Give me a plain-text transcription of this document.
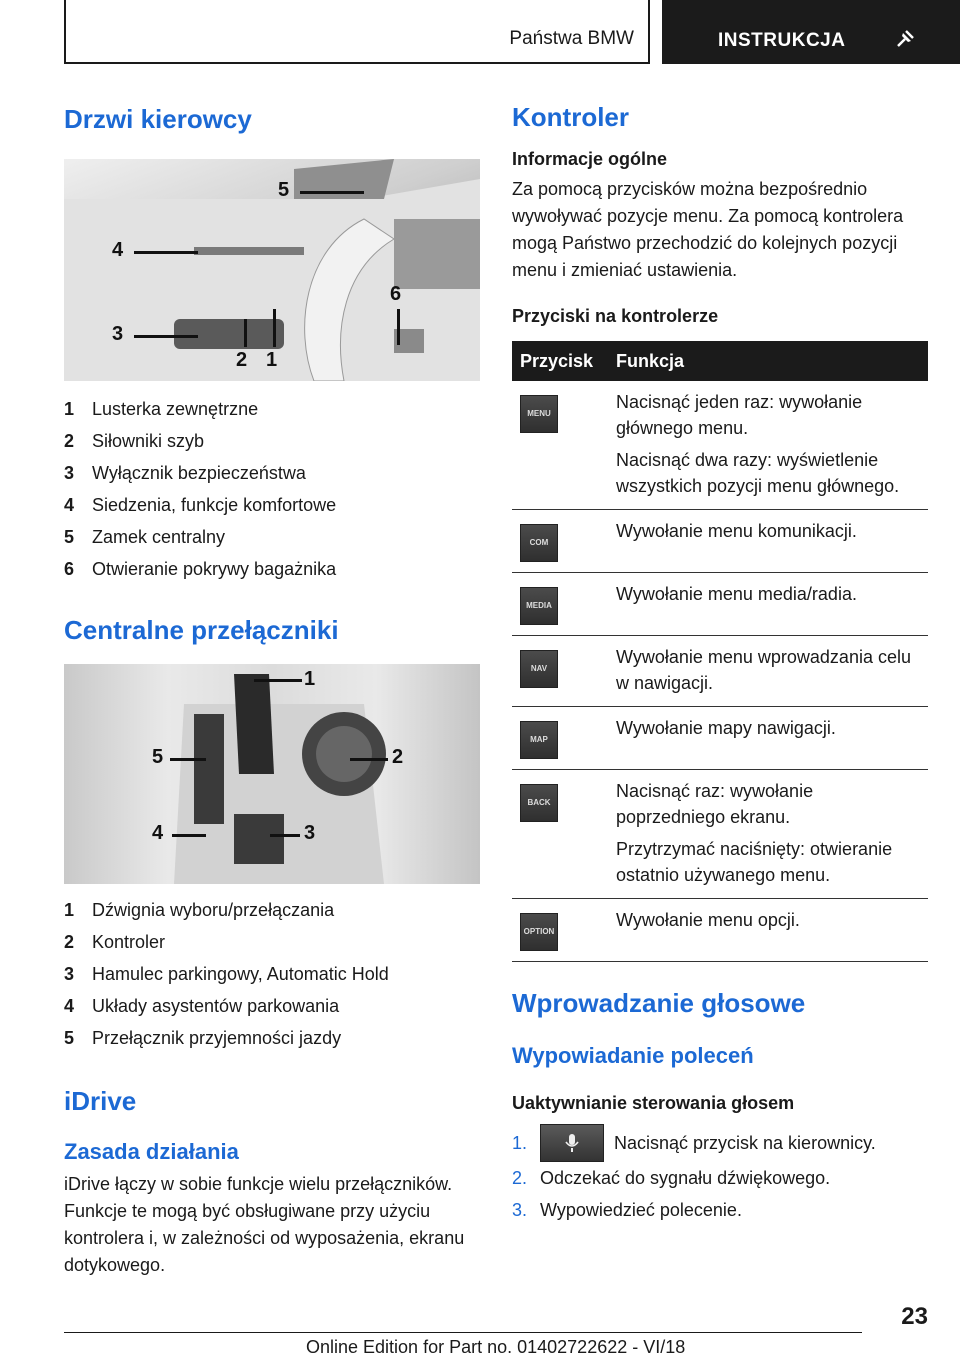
Państwa BMW	INSTRUKCJA
Drzwi kierowcy
5
4
6
3
2 1
1 Lusterka zewnętrzne
2 Siłowniki szyb
3 Wyłącznik bezpieczeństwa
4 Siedzenia, funkcje komfortowe
5 Zamek centralny
6 Otwieranie pokrywy bagażnika
Centralne przełączniki
1
5	2
4	3
1 Dźwignia wyboru/przełączania
2 Kontroler
3 Hamulec parkingowy, Automatic Hold
4 Układy asystentów parkowania
5 Przełącznik przyjemności jazdy
iDrive
Zasada działania

iDrive łączy w sobie funkcje wielu przełączników. Funkcje te mogą być obsługiwane przy użyciu kontrolera i, w zależności od wyposażenia, ekranu dotykowego.

Kontroler
Informacje ogólne

Za pomocą przycisków można bezpośrednio wywoływać pozycje menu. Za pomocą kontrolera mogą Państwo przechodzić do kolejnych pozycji menu i zmieniać ustawienia.

Przyciski na kontrolerze
Przycisk	Funkcja

MENU	Nacisnąć jeden raz: wywołanie głównego menu.

Nacisnąć dwa razy: wyświetlenie wszystkich pozycji menu głównego.

COM	Wywołanie menu komunikacji.

MEDIA	Wywołanie menu media/radia.

NAV	Wywołanie menu wprowadzania celu w nawigacji.

MAP	Wywołanie mapy nawigacji.

BACK	Nacisnąć raz: wywołanie poprzedniego ekranu.

Przytrzymać naciśnięty: otwieranie ostatnio używanego menu.

OPTION	Wywołanie menu opcji.

Wprowadzanie głosowe
Wypowiadanie poleceń
Uaktywnianie sterowania głosem
1.	Nacisnąć przycisk na kierownicy.
2. Odczekać do sygnału dźwiękowego.
3. Wypowiedzieć polecenie.
23
Online Edition for Part no. 01402722622 - VI/18
